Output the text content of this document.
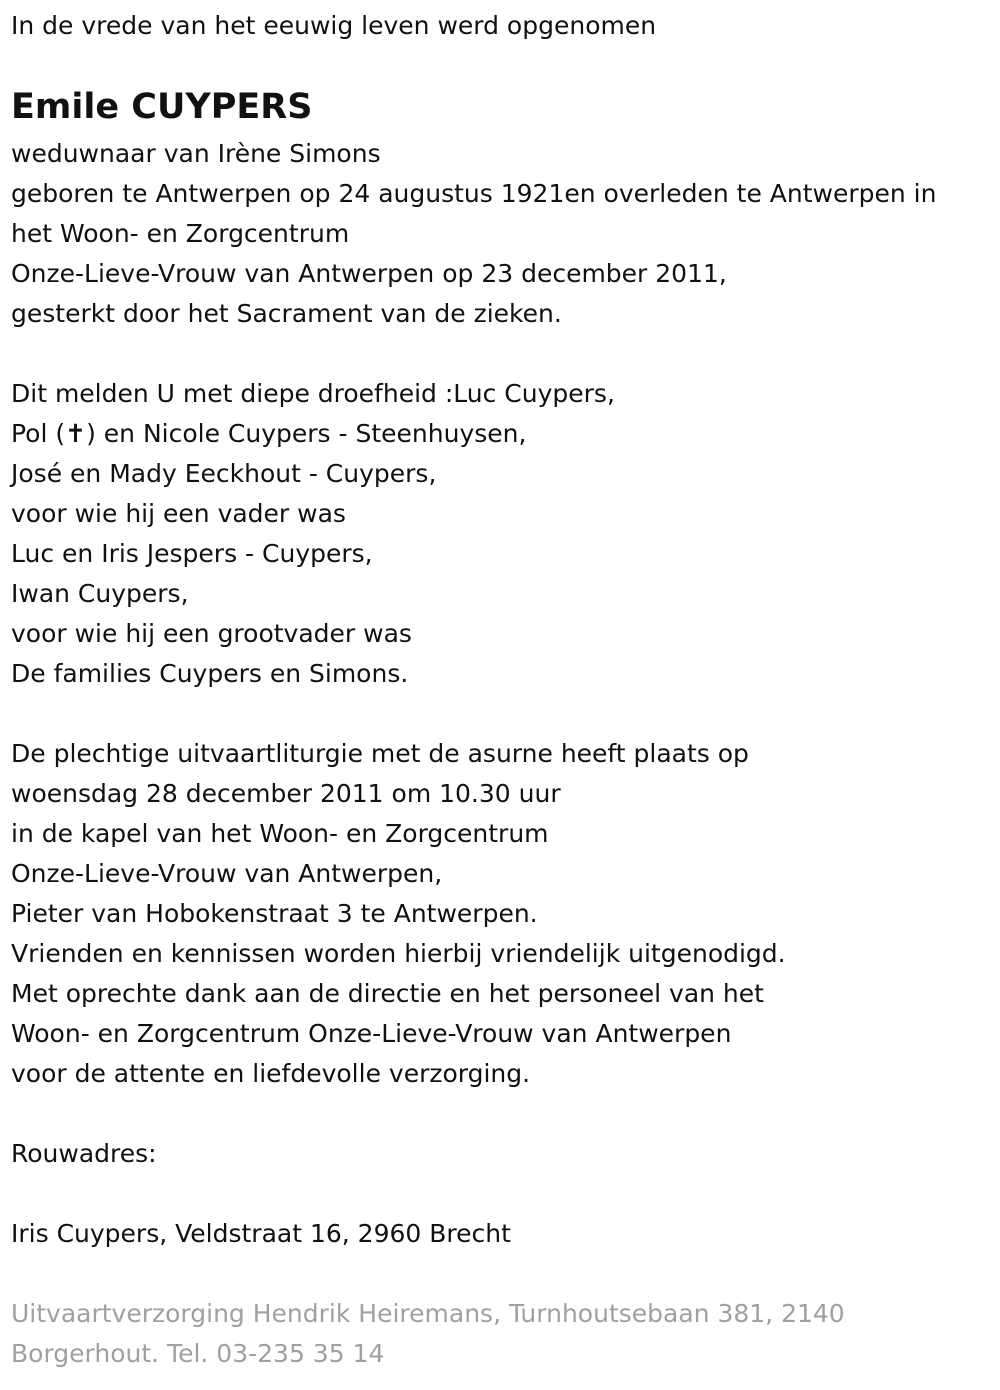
In de vrede van het eeuwig leven werd opgenomen

Emile CUYPERS

weduwnaar van Irène Simons

geboren te Antwerpen op 24 augustus 1921en overleden te Antwerpen in

het Woon- en Zorgcentrum

Onze-Lieve-Vrouw van Antwerpen op 23 december 2011,

gesterkt door het Sacrament van de zieken.

Dit melden U met diepe droefheid :Luc Cuypers,

Pol (✝) en Nicole Cuypers - Steenhuysen,

José en Mady Eeckhout - Cuypers,

voor wie hij een vader was

Luc en Iris Jespers - Cuypers,

Iwan Cuypers,

voor wie hij een grootvader was

De families Cuypers en Simons.

De plechtige uitvaartliturgie met de asurne heeft plaats op

woensdag 28 december 2011 om 10.30 uur

in de kapel van het Woon- en Zorgcentrum

Onze-Lieve-Vrouw van Antwerpen,

Pieter van Hobokenstraat 3 te Antwerpen.

Vrienden en kennissen worden hierbij vriendelijk uitgenodigd.

Met oprechte dank aan de directie en het personeel van het

Woon- en Zorgcentrum Onze-Lieve-Vrouw van Antwerpen

voor de attente en liefdevolle verzorging.

Rouwadres:

Iris Cuypers, Veldstraat 16, 2960 Brecht

Uitvaartverzorging Hendrik Heiremans, Turnhoutsebaan 381, 2140

Borgerhout. Tel. 03-235 35 14
